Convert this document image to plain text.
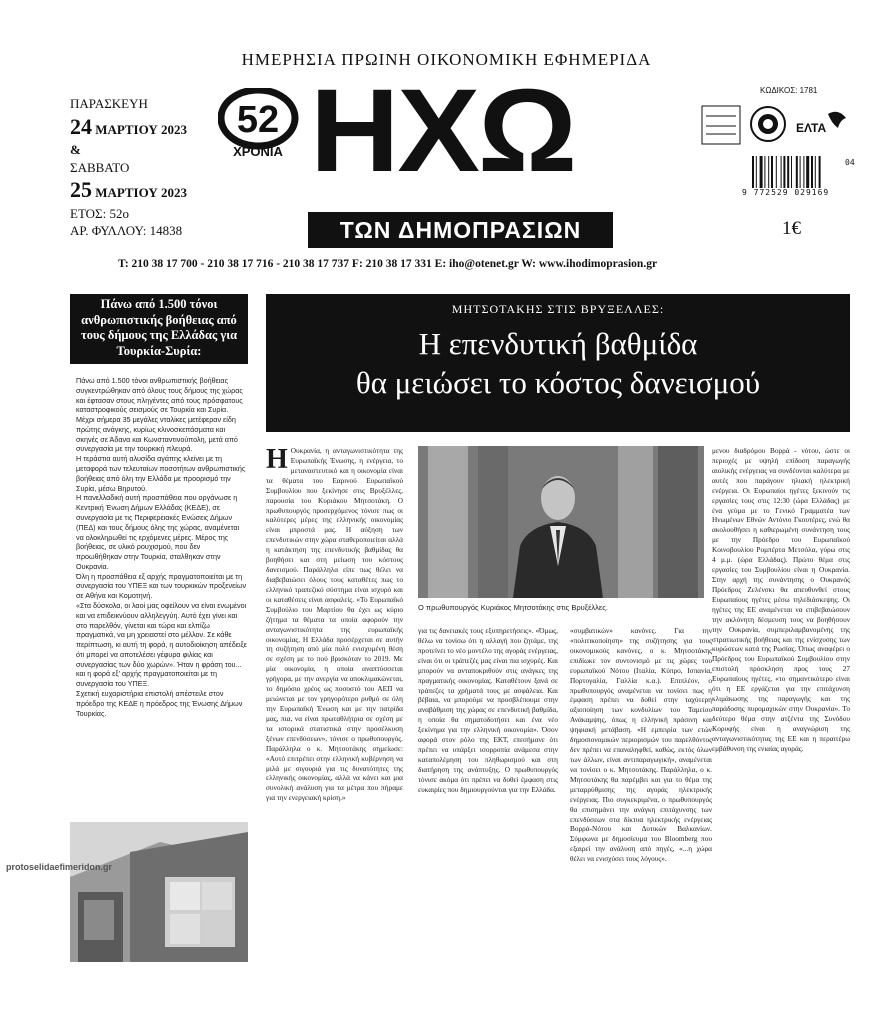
ΗΜΕΡΗΣΙΑ ΠΡΩΙΝΗ ΟΙΚΟΝΟΜΙΚΗ ΕΦΗΜΕΡΙΔΑ
ΠΑΡΑΣΚΕΥΗ
24 ΜΑΡΤΙΟΥ 2023
&
ΣΑΒΒΑΤΟ
25 ΜΑΡΤΙΟΥ 2023
ΕΤΟΣ: 52ο
ΑΡ. ΦΥΛΛΟΥ: 14838
52
ΧΡΟΝΙΑ ΗΧΩ
ΤΩΝ ΔΗΜΟΠΡΑΣΙΩΝ
ΚΩΔΙΚΟΣ: 1781
ΕΛΤΑ
9 772529 029169
04
1€
T: 210 38 17 700 - 210 38 17 716 - 210 38 17 737 F: 210 38 17 331 E: iho@otenet.gr W: www.ihodimoprasion.gr
Πάνω από 1.500 τόνοι ανθρωπιστικής βοήθειας από τους δήμους της Ελλάδας για Τουρκία-Συρία:

Πάνω από 1.500 τόνοι ανθρωπιστικής βοήθειας συγκεντρώθηκαν από όλους τους δήμους της χώρας και έφτασαν στους πληγέντες από τους πρόσφατους καταστροφικούς σεισμούς σε Τουρκία και Συρία.

Μέχρι σήμερα 35 μεγάλες νταλίκες μετέφεραν είδη πρώτης ανάγκης, κυρίως κλινοσκεπάσματα και σκηνές σε Άδανα και Κωνσταντινούπολη, μετά από συνεργασία με την τουρκική πλευρά.

Η τεράστια αυτή αλυσίδα αγάπης κλείνει με τη μεταφορά των τελευταίων ποσοτήτων ανθρωπιστικής βοήθειας από όλη την Ελλάδα με προορισμό την Συρία, μέσω Βηρυτού.

Η πανελλαδική αυτή προσπάθεια που οργάνωσε η Κεντρική Ένωση Δήμων Ελλάδας (ΚΕΔΕ), σε συνεργασία με τις Περιφερειακές Ενώσεις Δήμων (ΠΕΔ) και τους δήμους όλης της χώρας, αναμένεται να ολοκληρωθεί τις ερχόμενες μέρες. Μέρος της βοήθειας, σε υλικό ρουχισμού, που δεν προωθήθηκαν στην Τουρκία, σταλθηκαν στην Ουκρανία.

Όλη η προσπάθεια εξ αρχής πραγματοποιείται με τη συνεργασία του ΥΠΕΞ και των τουρκικών προξενείων σε Αθήνα και Κομοτηνή.

«Στα δύσκολα, οι λαοί μας οφείλουν να είναι ενωμένοι και να επιδεικνύουν αλληλεγγύη. Αυτό έχει γίνει και στο παρελθόν, γίνεται και τώρα και ελπίζω πραγματικά, να μη χρειαστεί στο μέλλον. Σε κάθε περίπτωση, κι αυτή τη φορά, η αυτοδιοίκηση απέδειξε ότι μπορεί να αποτελέσει γέφυρα φιλίας και συνεργασίας των δύο χωρών». Ήταν η φράση του... και η φορά εξ' αρχής πραγματοποιείται με τη συνεργασία του ΥΠΕΞ.

Σχετική ευχαριστήρια επιστολή απέστειλε στον πρόεδρο της ΚΕΔΕ η πρόεδρος της Ένωσης Δήμων Τουρκίας.

protoselidaefimeridon.gr
ΜΗΤΣΟΤΑΚΗΣ ΣΤΙΣ ΒΡΥΞΕΛΛΕΣ:
Η επενδυτική βαθμίδα
θα μειώσει το κόστος δανεισμού
Η Ουκρανία, η ανταγωνιστικότητα της Ευρωπαϊκής Ένωσης, η ενέργεια, το μεταναστευτικό και η οικονομία είναι τα θέματα του Εαρινού Ευρωπαϊκού Συμβουλίου που ξεκίνησε στις Βρυξέλλες, παρουσία του Κυριάκου Μητσοτάκη. Ο πρωθυπουργός προσερχόμενος τόνισε πως οι καλύτερες μέρες της ελληνικής οικονομίας είναι μπροστά μας. Η αύξηση των επενδυτικών στην χώρα σταθεροποιείται αλλά η κατάκτηση της επενδυτικής βαθμίδας θα βοηθήσει και στη μείωση του κόστους δανεισμού. Παράλληλα είπε πως θέλει να διαβεβαιώσει όλους τους καταθέτες πως το ελληνικό τραπεζικό σύστημα είναι ισχυρό και οι καταθέσεις είναι ασφαλείς. «Το Ευρωπαϊκό Συμβούλιο του Μαρτίου θα έχει ως κύριο ζήτημα τα θέματα τα οποία αφορούν την ανταγωνιστικότητα της ευρωπαϊκής οικονομίας. Η Ελλάδα προσέρχεται σε αυτήν τη συζήτηση από μία πολύ ενισχυμένη θέση σε σχέση με το πού βρισκόταν το 2019. Με μία οικονομία, η οποία αναπτύσσεται γρήγορα, με την ανεργία να αποκλιμακώνεται, το δημόσιο χρέος ως ποσοστό του ΑΕΠ να μειώνεται με τον γρηγορότερο ρυθμό σε όλη την Ευρωπαϊκή Ένωση και με την πατρίδα μας, πια, να είναι πρωταθλήτρια σε σχέση με τα ιστορικά στατιστικά στην προσέλκυση ξένων επενδύσεων», τόνισε ο πρωθυπουργός. Παράλληλα ο κ. Μητσοτάκης σημείωσε: «Αυτό επιτρέπει στην ελληνική κυβέρνηση να μιλά με σιγουριά για τις δυνατότητες της ελληνικής οικονομίας, αλλά να κάνει και μια συνολική ανάλυση για τα μέτρα που πήραμε για την ενεργειακή κρίση.»
Ο πρωθυπουργός Κυριάκος Μητσοτάκης στις Βρυξέλλες.
για τις δανειακές τους εξυπηρετήσεις». «Όμως, θέλω να τονίσω ότι η αλλαγή που ζητάμε, της προτείνει το νέο μοντέλο της αγοράς ενέργειας, είναι ότι οι τράπεζές μας είναι πια ισχυρές. Και μπορούν να ανταποκριθούν στις ανάγκες της πραγματικής οικονομίας. Καταθέτουν ξανά σε τράπεζες τα χρήματά τους με ασφάλεια. Και βέβαια, να μπορούμε να προσβλέπουμε στην αναβάθμιση της χώρας σε επενδυτική βαθμίδα, η οποία θα σηματοδοτήσει και ένα νέο ξεκίνημα για την ελληνική οικονομία». Όσον αφορά στον ρόλο της ΕΚΤ, επεσήμανε ότι πρέπει να υπάρξει ισορροπία ανάμεσα στην καταπολέμηση του πληθωρισμού και στη διατήρηση της ανάπτυξης. Ο πρωθυπουργός τόνισε ακόμα ότι πρέπει να δοθεί έμφαση στις ευκαιρίες που δημιουργούνται για την Ελλάδα.
«συμβατικών» κανόνες. Για την «πολιτικοποίηση» της συζήτησης για τους οικονομικούς κανόνες, ο κ. Μητσοτάκης επιδίωκε τον συντονισμό με τις χώρες του ευρωπαϊκού Νότου (Ιταλία, Κύπρο, Ισπανία, Πορτογαλία, Γαλλία κ.α.). Επιπλέον, ο πρωθυπουργός αναμένεται να τονίσει πως η έμφαση πρέπει να δοθεί στην ταχύτερη αξιοποίηση των κονδυλίων του Ταμείου Ανάκαμψης, όπως η ελληνική πράσινη και ψηφιακή μετάβαση. «Η εμπειρία των ετών δημοσιονομικών περιορισμών του παρελθόντος δεν πρέπει να επαναληφθεί, καθώς, εκτός όλων των άλλων, είναι αντιπαραγωγική», αναμένεται να τονίσει ο κ. Μητσοτάκης. Παράλληλα, ο κ. Μητσοτάκης θα παρέμβει και για το θέμα της μεταρρύθμισης της αγοράς ηλεκτρικής ενέργειας. Πιο συγκεκριμένα, ο πρωθυπουργός θα επισημάνει την ανάγκη επιτάχυνσης των επενδύσεων στα δίκτυα ηλεκτρικής ενέργειας Βορρά-Νότου και Δυτικών Βαλκανίων. Σύμφωνα με δημοσίευμα του Bloomberg που εξαιρεί την ανάλυση από πηγές, «...η χώρα θέλει να ενισχύσει τους λόγους».
μενου διαδρόμου Βορρά - νότου, ώστε οι περιοχές με υψηλή επίδοση παραγωγής αιολικής ενέργειας να συνδέονται καλύτερα με αυτές που παράγουν ηλιακή ηλεκτρική ενέργεια. Οι Ευρωπαίοι ηγέτες ξεκινούν τις εργασίες τους στις 12:30 (ώρα Ελλάδας) με ένα γεύμα με το Γενικό Γραμματέα των Ηνωμένων Εθνών Αντόνιο Γκουτέρες, ενώ θα ακολουθήσει η καθιερωμένη συνάντηση τους με την Πρόεδρο του Ευρωπαϊκού Κοινοβουλίου Ρομπέρτα Μετσόλα, γύρω στις 4 μ.μ. (ώρα Ελλάδας). Πρώτο θέμα στις εργασίες του Συμβουλίου είναι η Ουκρανία. Στην αρχή της συνάντησης ο Ουκρανός Πρόεδρος Ζελένσκι θα απευθυνθεί στους Ευρωπαίους ηγέτες μέσω τηλεδιάσκεψης. Οι ηγέτες της ΕΕ αναμένεται να επιβεβαιώσουν την ακλόνητη δέσμευση τους να βοηθήσουν την Ουκρανία, συμπεριλαμβανομένης της στρατιωτικής βοήθειας και της ενίσχυσης των κυρώσεων κατά της Ρωσίας. Όπως αναφέρει ο Πρόεδρος του Ευρωπαϊκού Συμβουλίου στην επιστολή πρόσκληση προς τους 27 Ευρωπαίους ηγέτες, «το σημαντικότερο είναι ότι η ΕΕ εργάζεται για την επιτάχυνση κλιμάκωσης της παραγωγής και της παράδοσης πυρομαχικών στην Ουκρανία». Το δεύτερο θέμα στην ατζέντα της Συνόδου Κορυφής είναι η αναγνώριση της ανταγωνιστικότητας της ΕΕ και η περαιτέρω εμβάθυνση της ενιαίας αγοράς.
